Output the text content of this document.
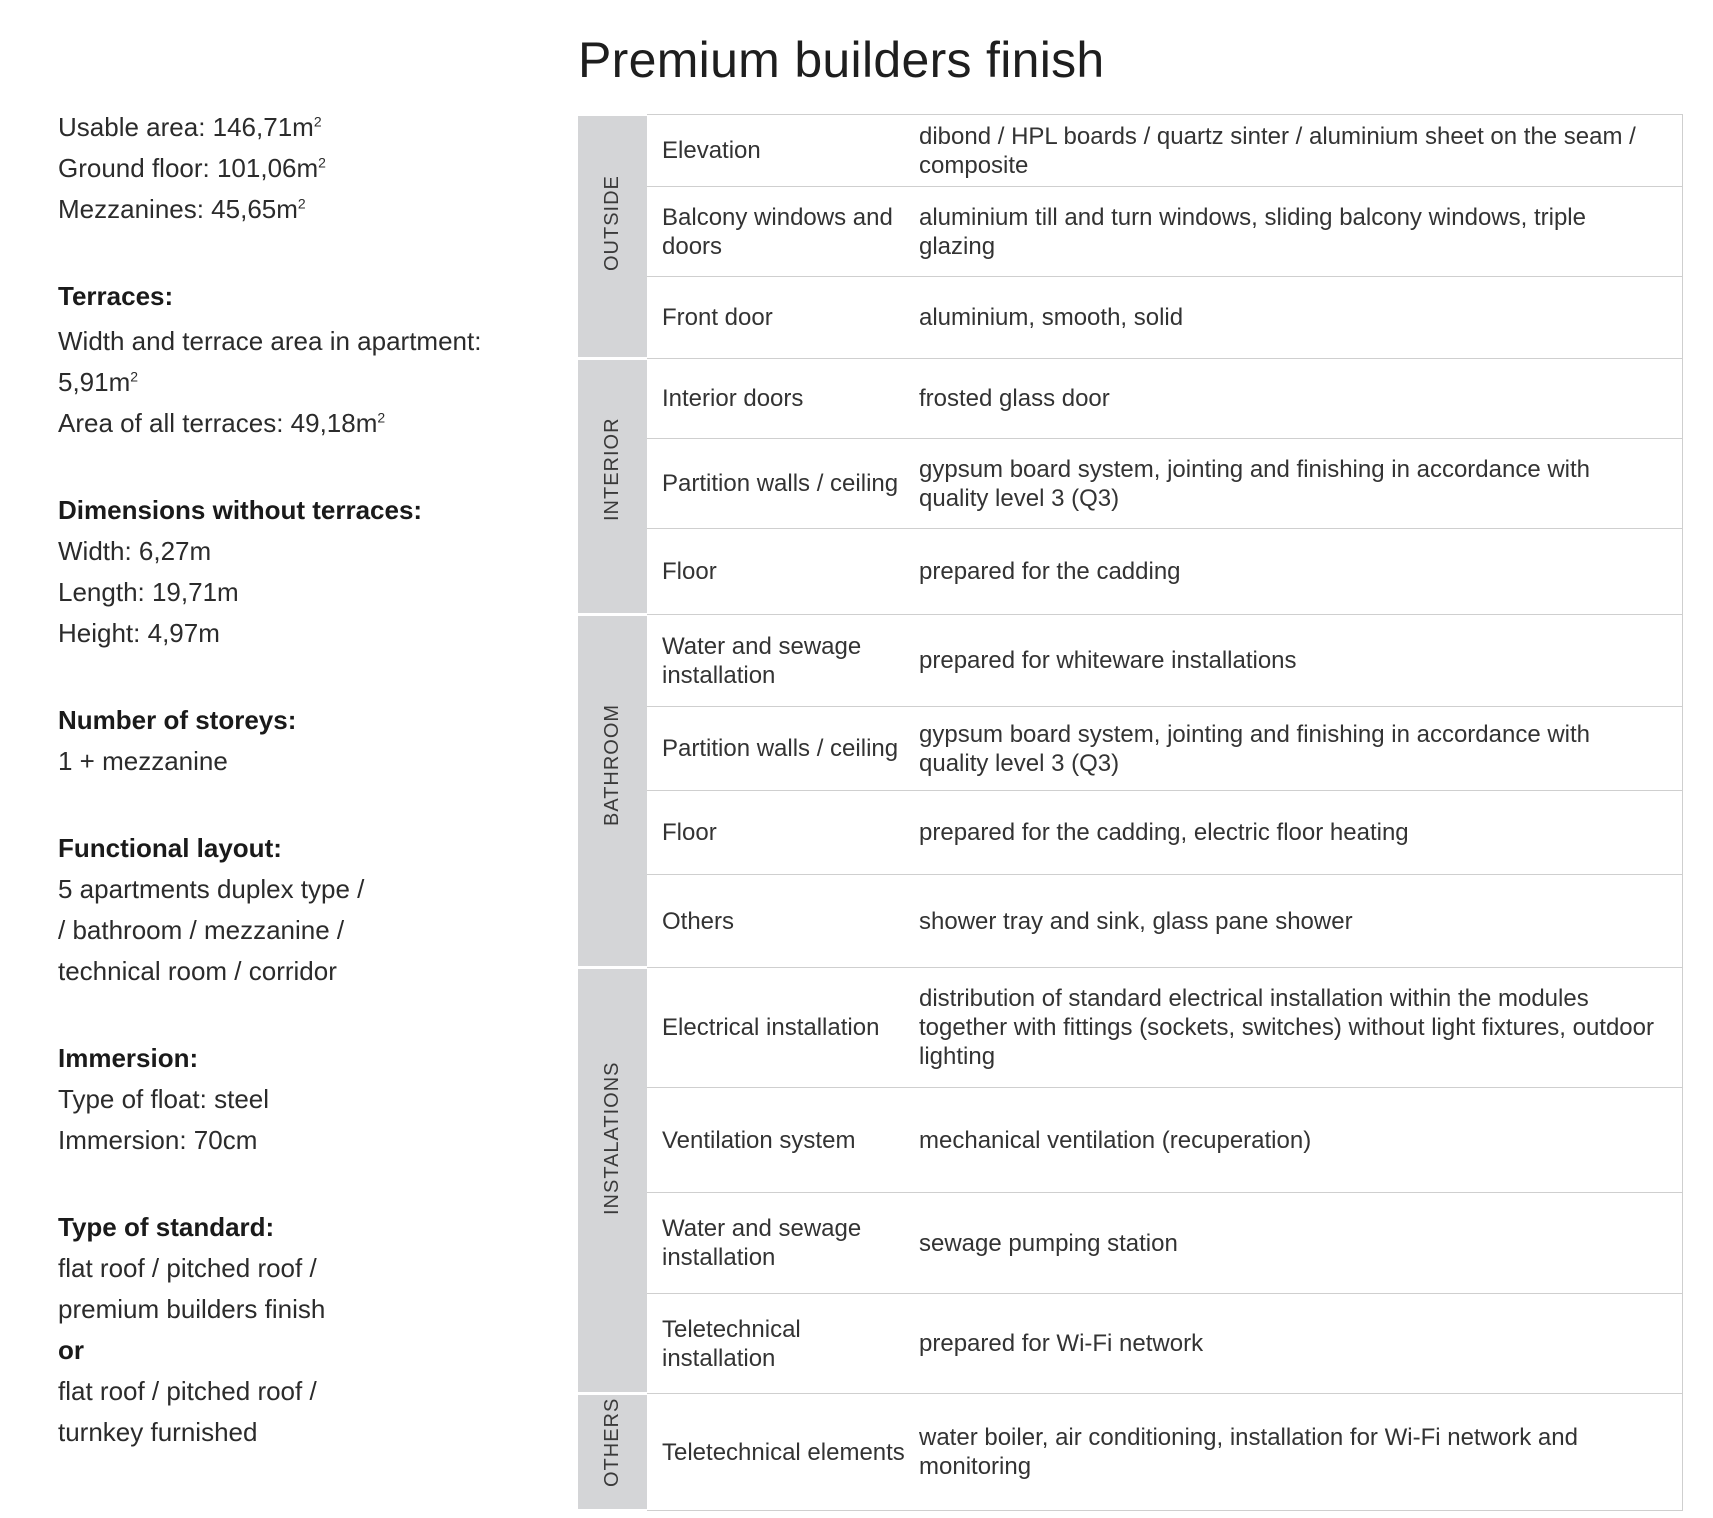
Premium builders finish
Usable area: $146,71m^2$
Ground floor: $101,06m^2$
Mezzanines: $45,65m^2$
Terraces:
Width and terrace area in apartment:
$5,91m^2$
Area of all terraces: $49,18m^2$
Dimensions without terraces:
Width: 6,27m
Length: 19,71m
Height: 4,97m
Number of storeys:
1 + mezzanine
Functional layout:
5 apartments duplex type /
/ bathroom / mezzanine /
technical room / corridor
Immersion:
Type of float: steel
Immersion: 70cm
Type of standard:
flat roof / pitched roof /
premium builders finish
or
flat roof / pitched roof /
turnkey furnished
OUTSIDE	Elevation	dibond / HPL boards / quartz sinter / aluminium sheet on the seam / composite
	Balcony windows and doors	aluminium till and turn windows, sliding balcony windows, triple glazing
	Front door	aluminium, smooth, solid

INTERIOR	Interior doors	frosted glass door
	Partition walls / ceiling	gypsum board system, jointing and finishing in accordance with quality level 3 (Q3)
	Floor	prepared for the cadding

BATHROOM	Water and sewage installation	prepared for whiteware installations
	Partition walls / ceiling	gypsum board system, jointing and finishing in accordance with quality level 3 (Q3)
	Floor	prepared for the cadding, electric floor heating
	Others	shower tray and sink, glass pane shower

INSTALATIONS	Electrical installation	distribution of standard electrical installation within the modules together with fittings (sockets, switches) without light fixtures, outdoor lighting
	Ventilation system	mechanical ventilation (recuperation)
	Water and sewage installation	sewage pumping station
	Teletechnical installation	prepared for Wi-Fi network

OTHERS	Teletechnical elements	water boiler, air conditioning, installation for Wi-Fi network and monitoring
